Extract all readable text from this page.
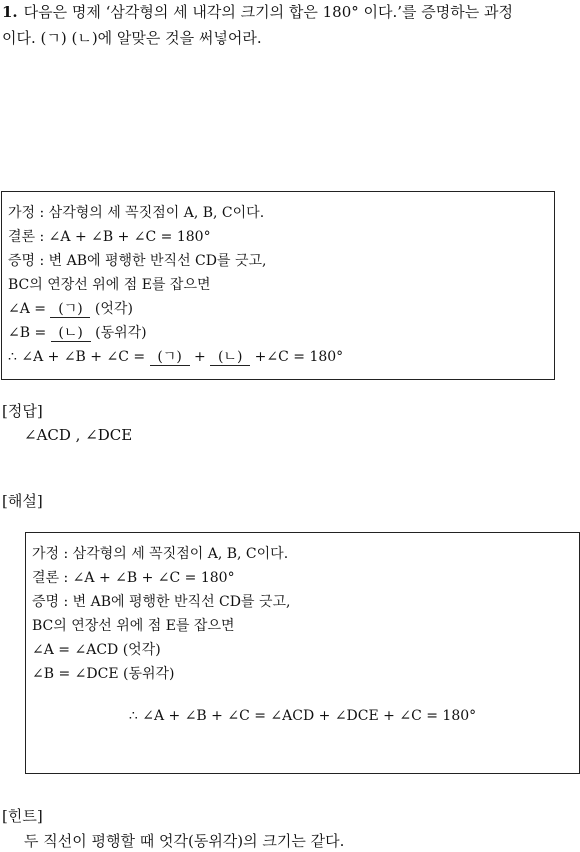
1. 다음은 명제 ‘삼각형의 세 내각의 크기의 합은 180° 이다.’를 증명하는 과정
이다. (ㄱ) (ㄴ)에 알맞은 것을 써넣어라.
가정 : 삼각형의 세 꼭짓점이 A, B, C이다.
결론 : ∠A + ∠B + ∠C = 180°
증명 : 변 AB에 평행한 반직선 CD를 긋고,
BC의 연장선 위에 점 E를 잡으면
∠A = (ㄱ) (엇각)
∠B = (ㄴ) (동위각)
∴ ∠A + ∠B + ∠C = (ㄱ) + (ㄴ) +∠C = 180°
[정답]
∠ACD , ∠DCE
[해설]
가정 : 삼각형의 세 꼭짓점이 A, B, C이다.
결론 : ∠A + ∠B + ∠C = 180°
증명 : 변 AB에 평행한 반직선 CD를 긋고,
BC의 연장선 위에 점 E를 잡으면
∠A = ∠ACD (엇각)
∠B = ∠DCE (동위각)
∴ ∠A + ∠B + ∠C = ∠ACD + ∠DCE + ∠C = 180°
[힌트]
두 직선이 평행할 때 엇각(동위각)의 크기는 같다.
